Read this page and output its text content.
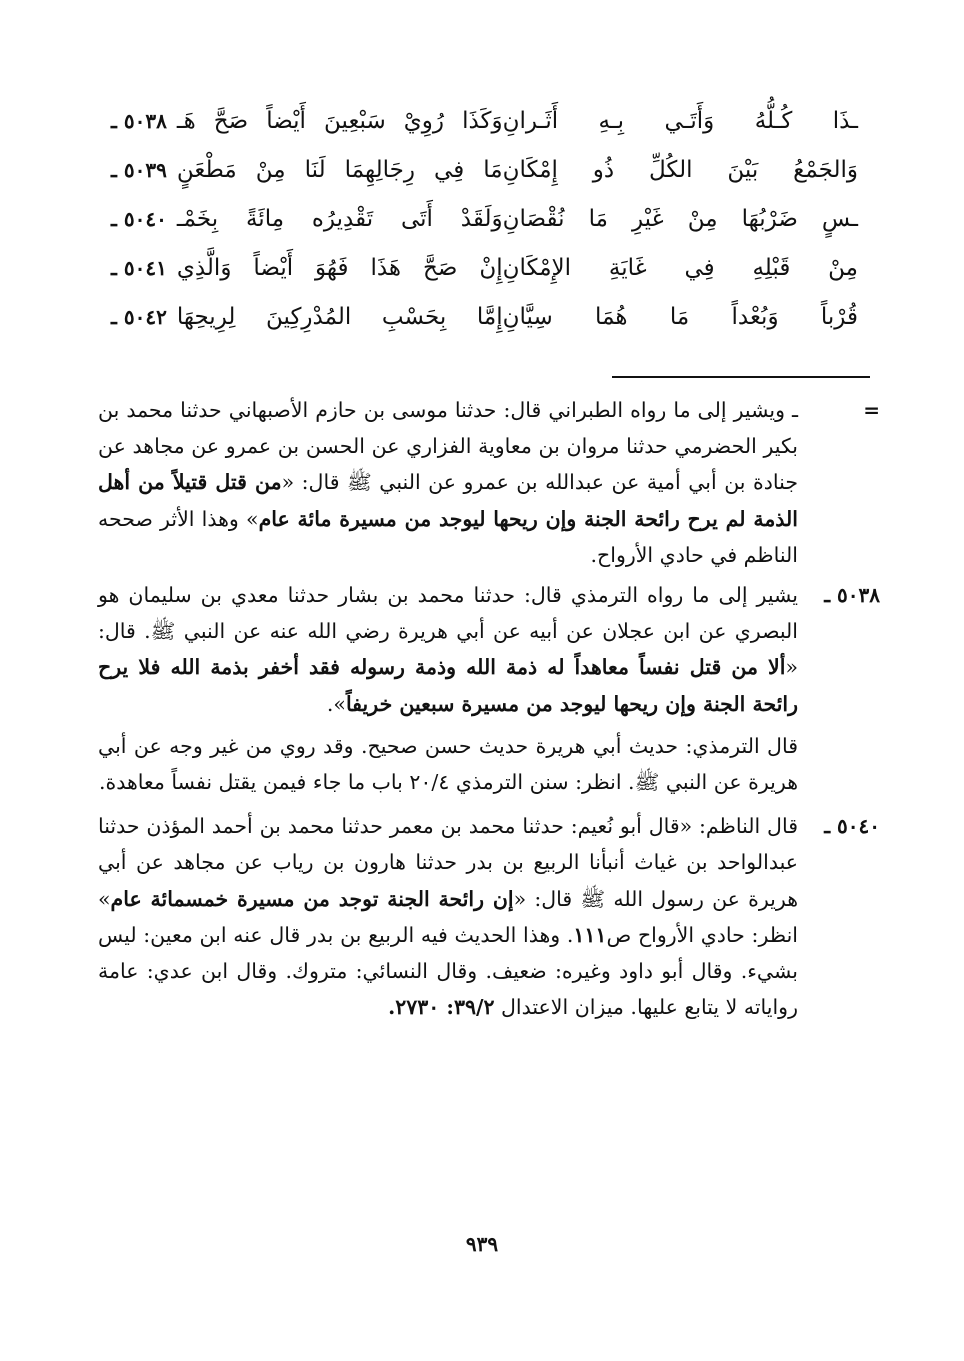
٥٠٣٨ ـ وَكَذَا رُوِيْ سَبْعِينَ أَيْضاً صَحَّ هَـ ـذَا كُـلُّهُ وَأَتَـي بِـهِ أَثَـرانِ
٥٠٣٩ ـ مَا فِي رِجَالِهِمَا لَنَا مِنْ مَطْعَنٍ وَالجَمْعُ بَيْنَ الكُلِّ ذُو إِمْكَانِ
٥٠٤٠ ـ وَلَقَدْ أَتَى تَقْدِيرُه مِائَةً بِخَمْـ ـسٍ ضَرْبُهَا مِنْ غَيْرِ مَا نُقْصَانِ
٥٠٤١ ـ إِنْ صَحَّ هَذَا فَهُوَ أَيْضاً وَالَّذِي مِنْ قَبْلِهِ فِي غَايَةِ الإِمْكَانِ
٥٠٤٢ ـ إِمَّا بِحَسْبِ المُدْرِكِينَ لِرِيحِهَا قُرْباً وَبُعْداً مَا هُمَا سِيَّانِ
=
ـ ويشير إلى ما رواه الطبراني قال: حدثنا موسى بن حازم الأصبهاني حدثنا محمد بن بكير الحضرمي حدثنا مروان بن معاوية الفزاري عن الحسن بن عمرو عن مجاهد عن جنادة بن أبي أمية عن عبدالله بن عمرو عن النبي ﷺ قال: «من قتل قتيلاً من أهل الذمة لم يرح رائحة الجنة وإن ريحها ليوجد من مسيرة مائة عام» وهذا الأثر صححه الناظم في حادي الأرواح.
٥٠٣٨ ـ
يشير إلى ما رواه الترمذي قال: حدثنا محمد بن بشار حدثنا معدي بن سليمان هو البصري عن ابن عجلان عن أبيه عن أبي هريرة رضي الله عنه عن النبي ﷺ. قال: «ألا من قتل نفساً معاهداً له ذمة الله وذمة رسوله فقد أخفر بذمة الله فلا يرح رائحة الجنة وإن ريحها ليوجد من مسيرة سبعين خريفاً».
قال الترمذي: حديث أبي هريرة حديث حسن صحيح. وقد روي من غير وجه عن أبي هريرة عن النبي ﷺ. انظر: سنن الترمذي ٢٠/٤ باب ما جاء فيمن يقتل نفساً معاهدة.
٥٠٤٠ ـ
قال الناظم: «قال أبو نُعيم: حدثنا محمد بن معمر حدثنا محمد بن أحمد المؤذن حدثنا عبدالواحد بن غياث أنبأنا الربيع بن بدر حدثنا هارون بن رياب عن مجاهد عن أبي هريرة عن رسول الله ﷺ قال: «إن رائحة الجنة توجد من مسيرة خمسمائة عام» انظر: حادي الأرواح ص١١١. وهذا الحديث فيه الربيع بن بدر قال عنه ابن معين: ليس بشيء. وقال أبو داود وغيره: ضعيف. وقال النسائي: متروك. وقال ابن عدي: عامة رواياته لا يتابع عليها. ميزان الاعتدال ٣٩/٢: ٢٧٣٠.
٩٣٩
